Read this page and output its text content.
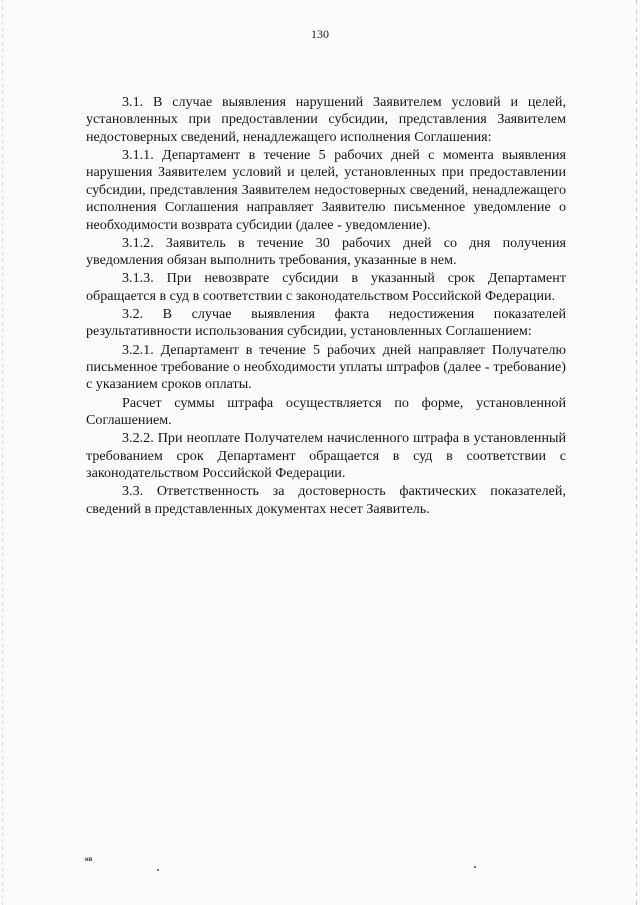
130

3.1. В случае выявления нарушений Заявителем условий и целей, установленных при предоставлении субсидии, представления Заявителем недостоверных сведений, ненадлежащего исполнения Соглашения:

3.1.1. Департамент в течение 5 рабочих дней с момента выявления нарушения Заявителем условий и целей, установленных при предоставлении субсидии, представления Заявителем недостоверных сведений, ненадлежащего исполнения Соглашения направляет Заявителю письменное уведомление о необходимости возврата субсидии (далее - уведомление).

3.1.2. Заявитель в течение 30 рабочих дней со дня получения уведомления обязан выполнить требования, указанные в нем.

3.1.3. При невозврате субсидии в указанный срок Департамент обращается в суд в соответствии с законодательством Российской Федерации.

3.2. В случае выявления факта недостижения показателей результативности использования субсидии, установленных Соглашением:

3.2.1. Департамент в течение 5 рабочих дней направляет Получателю письменное требование о необходимости уплаты штрафов (далее - требование) с указанием сроков оплаты.

Расчет суммы штрафа осуществляется по форме, установленной Соглашением.

3.2.2. При неоплате Получателем начисленного штрафа в установленный требованием срок Департамент обращается в суд в соответствии с законодательством Российской Федерации.

3.3. Ответственность за достоверность фактических показателей, сведений в представленных документах несет Заявитель.

нв
